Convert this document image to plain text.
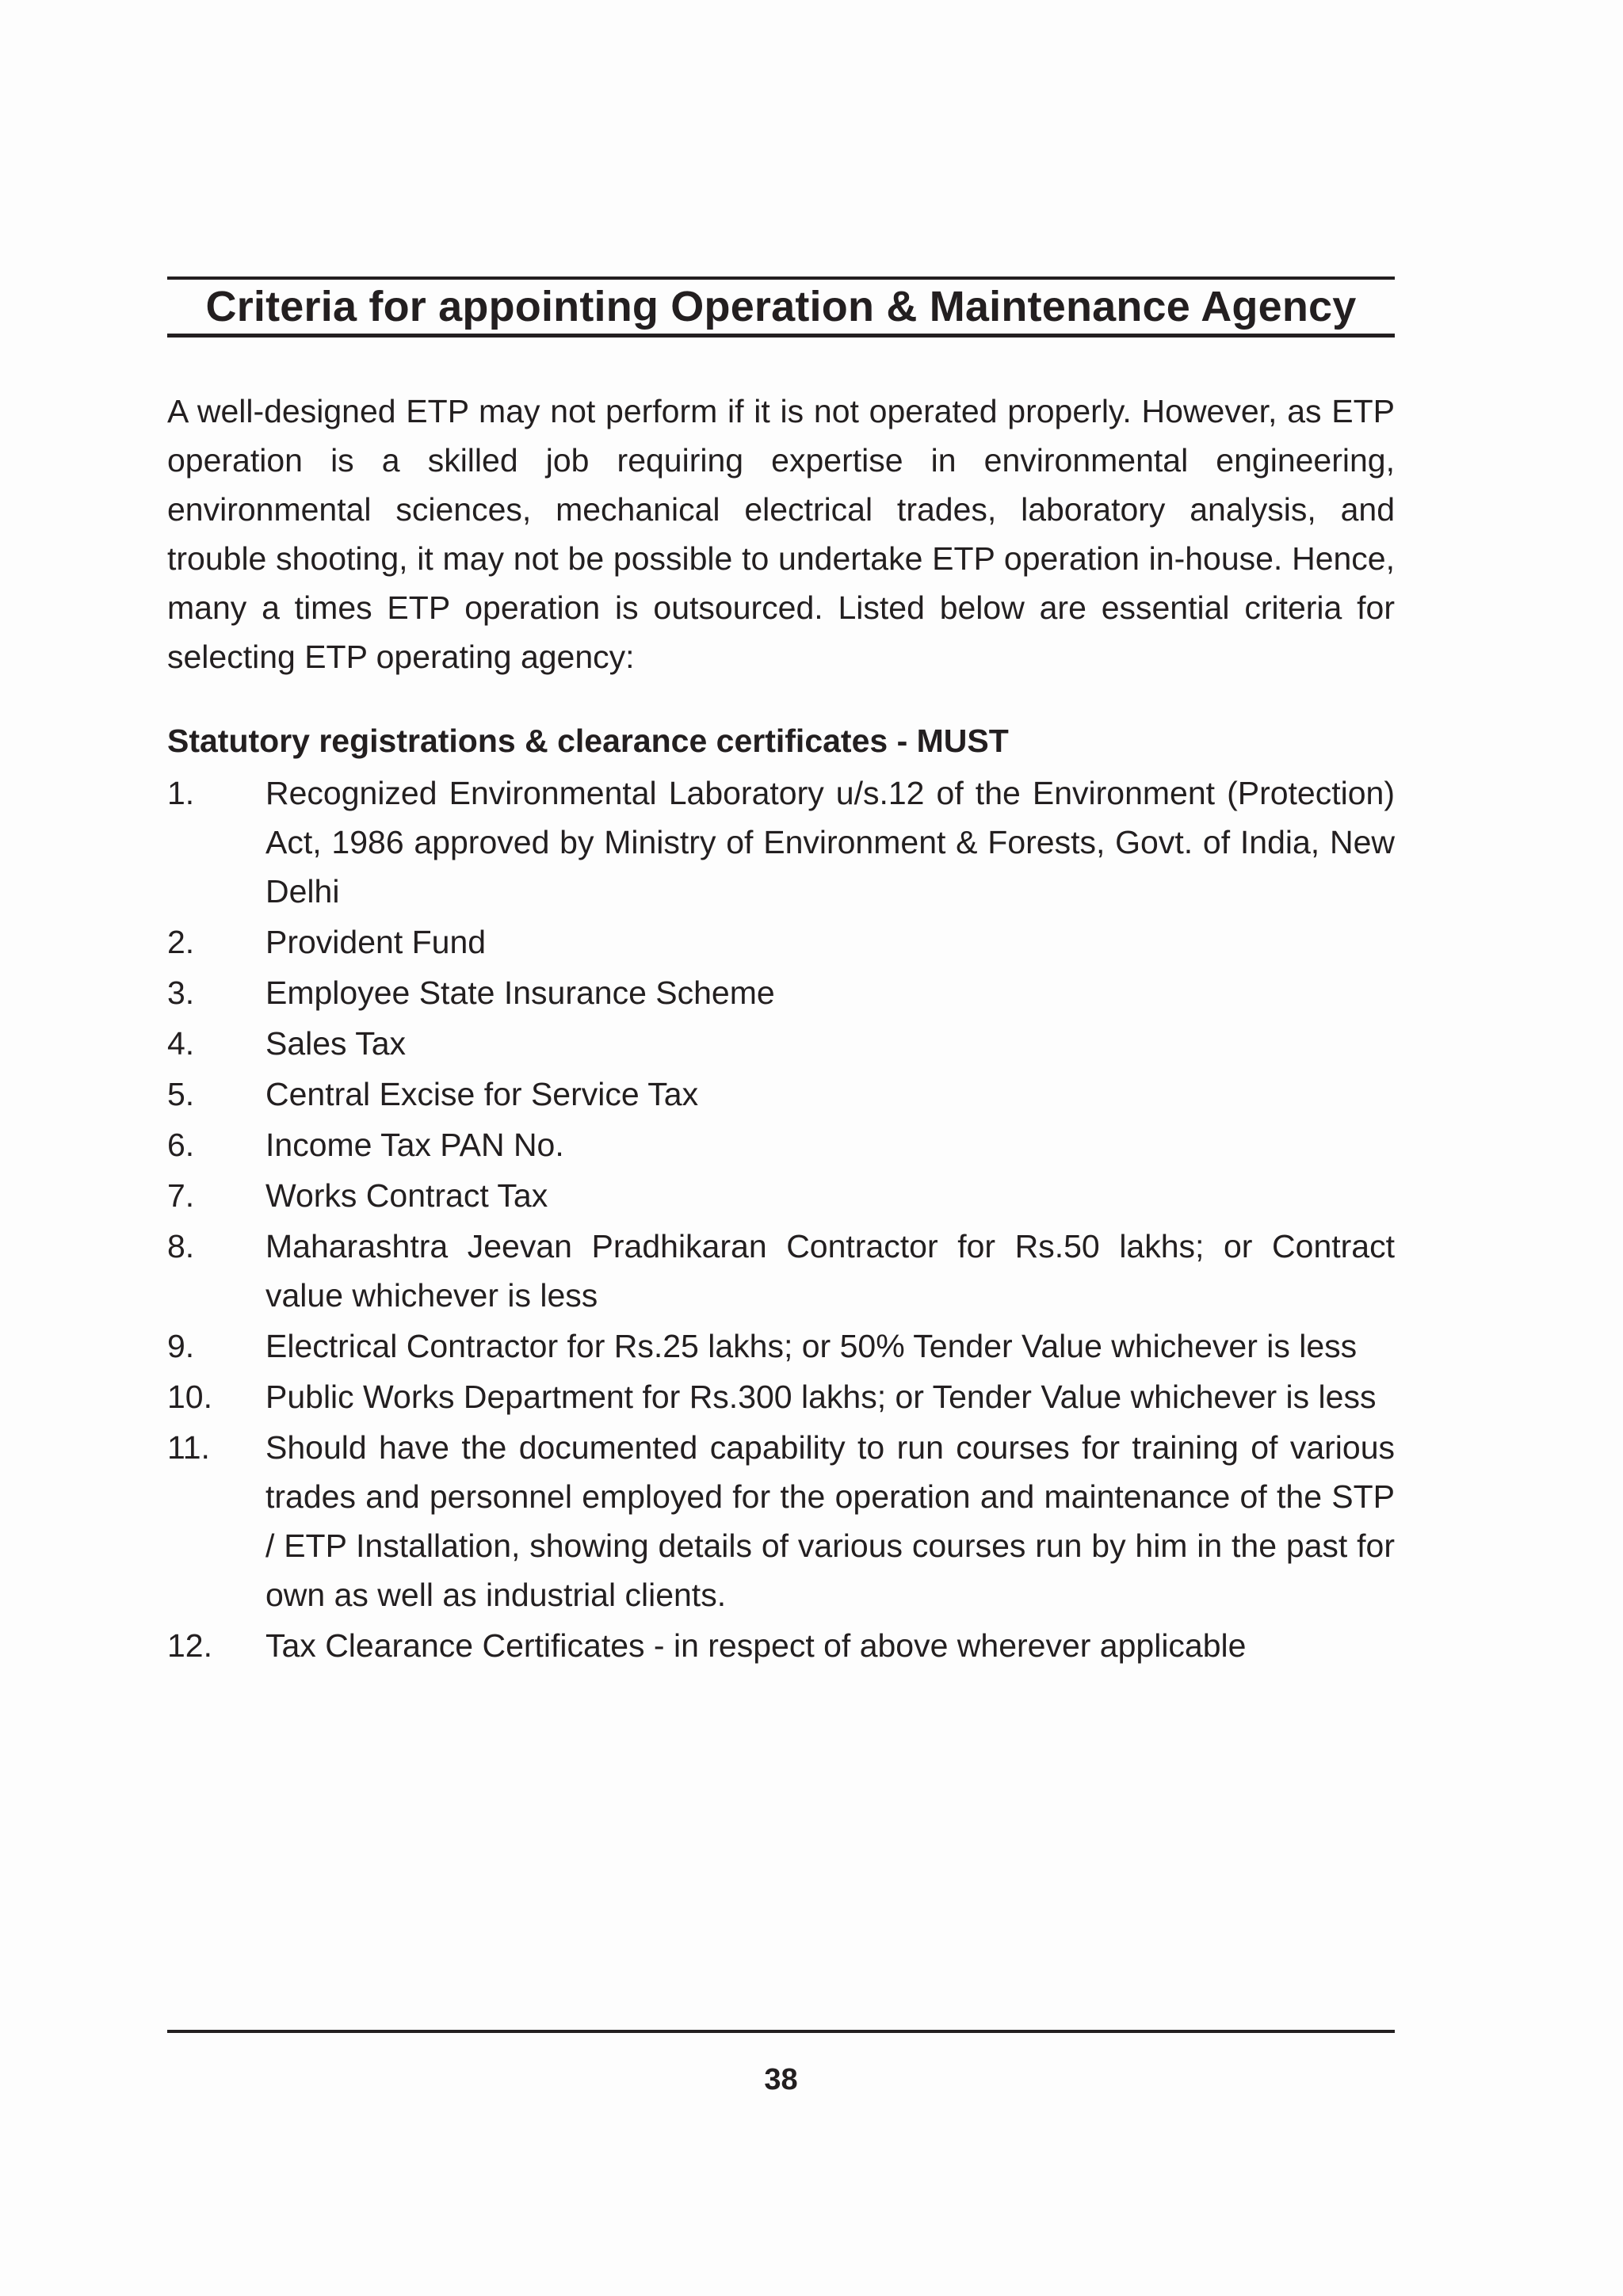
Criteria for appointing Operation & Maintenance Agency

A well-designed ETP may not perform if it is not operated properly. However, as ETP operation is a skilled job requiring expertise in environmental engineering, environmental sciences, mechanical electrical trades, laboratory analysis, and trouble shooting, it may not be possible to undertake ETP operation in-house. Hence, many a times ETP operation is outsourced. Listed below are essential criteria for selecting ETP operating agency:

Statutory registrations & clearance certificates - MUST

1.	Recognized Environmental Laboratory u/s.12 of the Environment (Protection) Act, 1986 approved by Ministry of Environment & Forests, Govt. of India, New Delhi
2.	Provident Fund
3.	Employee State Insurance Scheme
4.	Sales Tax
5.	Central Excise for Service Tax
6.	Income Tax PAN No.
7.	Works Contract Tax
8.	Maharashtra Jeevan Pradhikaran Contractor for Rs.50 lakhs; or Contract value whichever is less
9.	Electrical Contractor for Rs.25 lakhs; or 50% Tender Value whichever is less
10.	Public Works Department for Rs.300 lakhs; or Tender Value whichever is less
11.	Should have the documented capability to run courses for training of various trades and personnel employed for the operation and maintenance of the STP / ETP Installation, showing details of various courses run by him in the past for own as well as industrial clients.
12.	Tax Clearance Certificates - in respect of above wherever applicable
38
